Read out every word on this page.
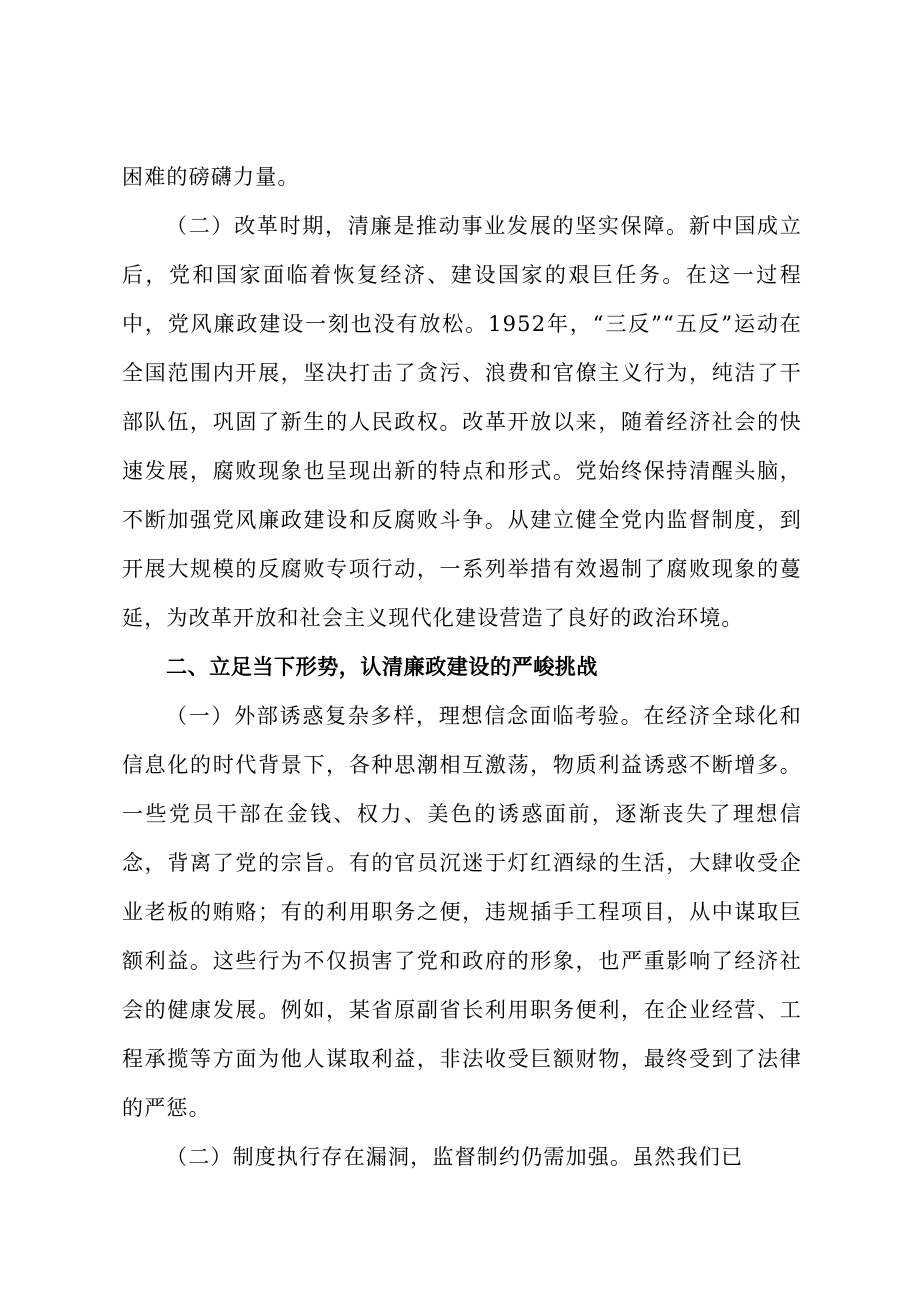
困难的磅礴力量。

（二）改革时期，清廉是推动事业发展的坚实保障。新中国成立后，党和国家面临着恢复经济、建设国家的艰巨任务。在这一过程中，党风廉政建设一刻也没有放松。1952年，“三反”“五反”运动在全国范围内开展，坚决打击了贪污、浪费和官僚主义行为，纯洁了干部队伍，巩固了新生的人民政权。改革开放以来，随着经济社会的快速发展，腐败现象也呈现出新的特点和形式。党始终保持清醒头脑，不断加强党风廉政建设和反腐败斗争。从建立健全党内监督制度，到开展大规模的反腐败专项行动，一系列举措有效遏制了腐败现象的蔓延，为改革开放和社会主义现代化建设营造了良好的政治环境。

二、立足当下形势，认清廉政建设的严峻挑战

（一）外部诱惑复杂多样，理想信念面临考验。在经济全球化和信息化的时代背景下，各种思潮相互激荡，物质利益诱惑不断增多。一些党员干部在金钱、权力、美色的诱惑面前，逐渐丧失了理想信念，背离了党的宗旨。有的官员沉迷于灯红酒绿的生活，大肆收受企业老板的贿赂；有的利用职务之便，违规插手工程项目，从中谋取巨额利益。这些行为不仅损害了党和政府的形象，也严重影响了经济社会的健康发展。例如，某省原副省长利用职务便利，在企业经营、工程承揽等方面为他人谋取利益，非法收受巨额财物，最终受到了法律的严惩。

（二）制度执行存在漏洞，监督制约仍需加强。虽然我们已
